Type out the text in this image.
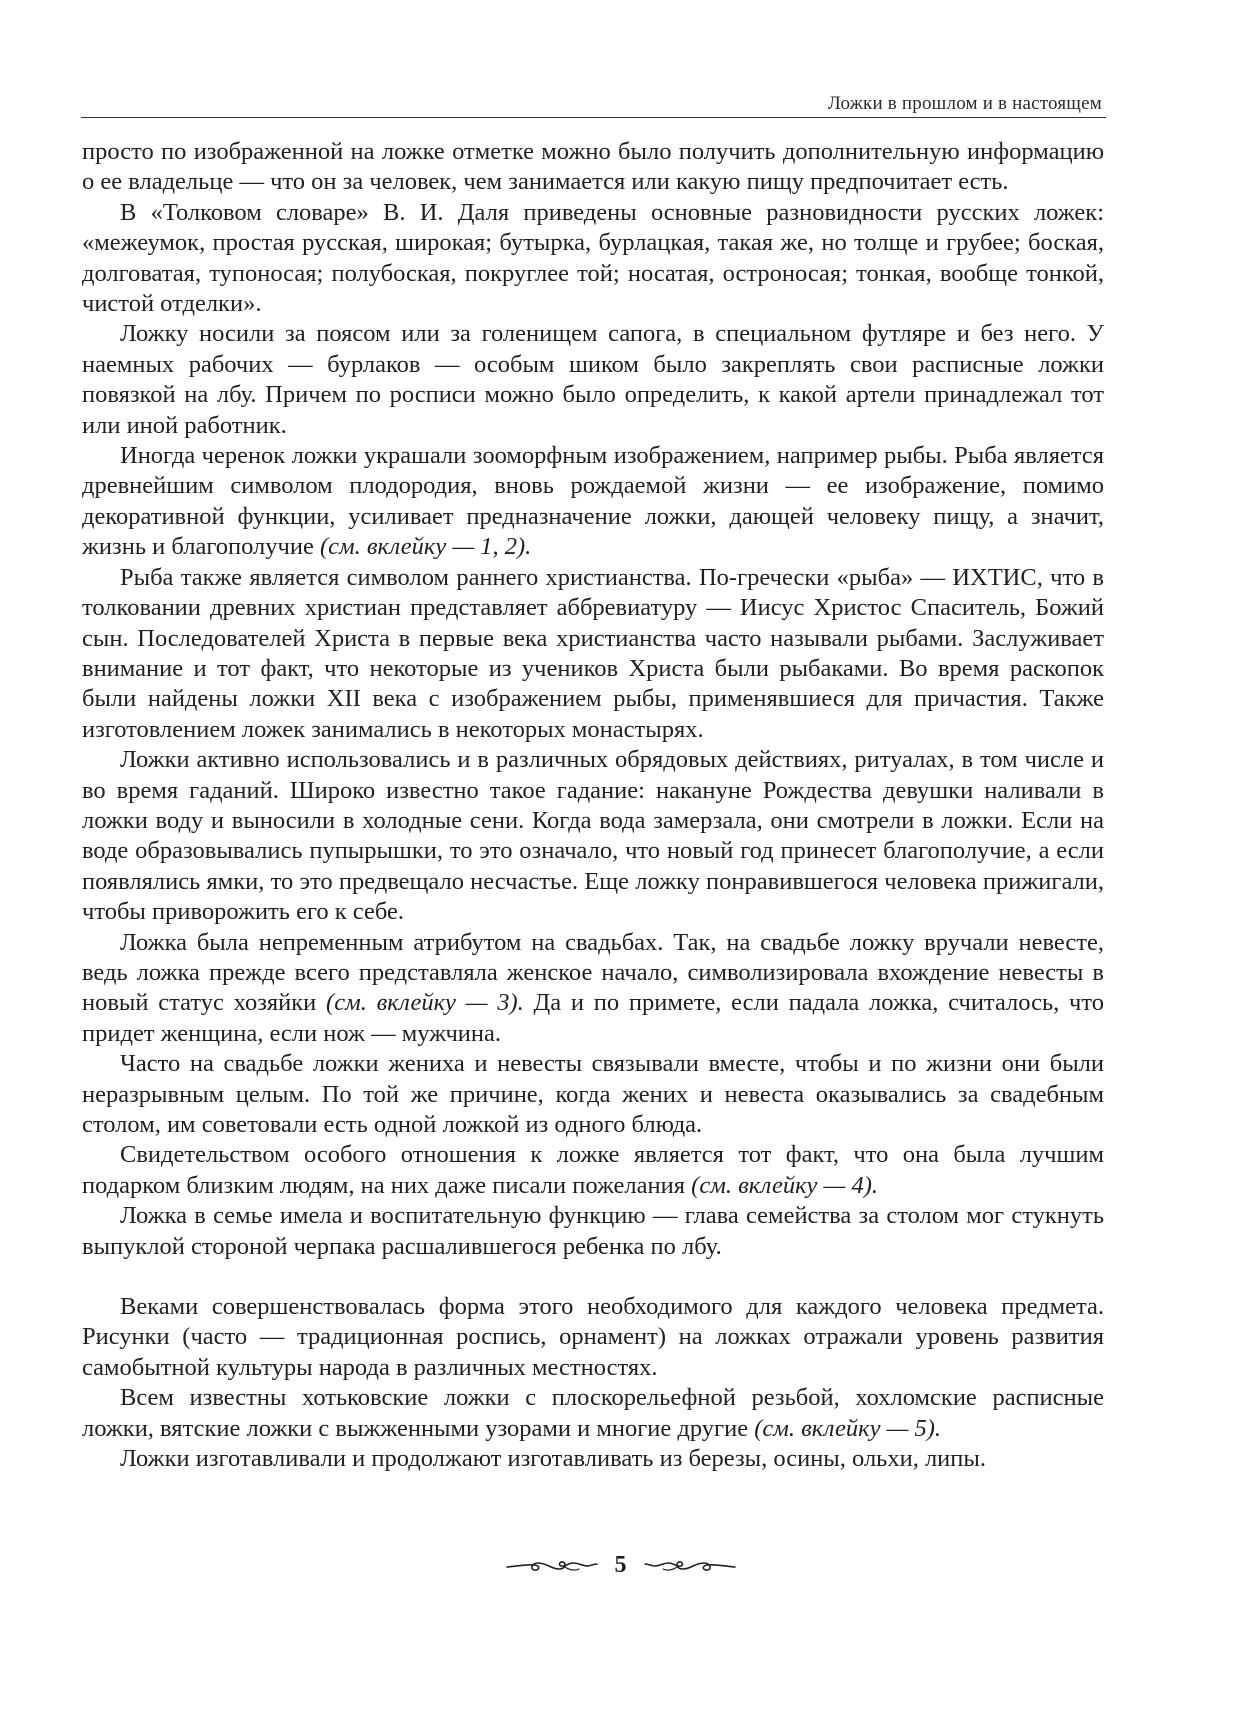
Ложки в прошлом и в настоящем

просто по изображенной на ложке отметке можно было получить дополнительную информацию о ее владельце — что он за человек, чем занимается или какую пищу предпочитает есть.

В «Толковом словаре» В. И. Даля приведены основные разновидности русских ложек: «межеумок, простая русская, широкая; бутырка, бурлацкая, такая же, но толще и грубее; боская, долговатая, тупоносая; полубоская, покруглее той; носатая, остроносая; тонкая, вообще тонкой, чистой отделки».

Ложку носили за поясом или за голенищем сапога, в специальном футляре и без него. У наемных рабочих — бурлаков — особым шиком было закреплять свои расписные ложки повязкой на лбу. Причем по росписи можно было определить, к какой артели принадлежал тот или иной работник.

Иногда черенок ложки украшали зооморфным изображением, например рыбы. Рыба является древнейшим символом плодородия, вновь рождаемой жизни — ее изображение, помимо декоративной функции, усиливает предназначение ложки, дающей человеку пищу, а значит, жизнь и благополучие (см. вклейку — 1, 2).

Рыба также является символом раннего христианства. По-гречески «рыба» — ИХТИС, что в толковании древних христиан представляет аббревиатуру — Иисус Христос Спаситель, Божий сын. Последователей Христа в первые века христианства часто называли рыбами. Заслуживает внимание и тот факт, что некоторые из учеников Христа были рыбаками. Во время раскопок были найдены ложки XII века с изображением рыбы, применявшиеся для причастия. Также изготовлением ложек занимались в некоторых монастырях.

Ложки активно использовались и в различных обрядовых действиях, ритуалах, в том числе и во время гаданий. Широко известно такое гадание: накануне Рождества девушки наливали в ложки воду и выносили в холодные сени. Когда вода замерзала, они смотрели в ложки. Если на воде образовывались пупырышки, то это означало, что новый год принесет благополучие, а если появлялись ямки, то это предвещало несчастье. Еще ложку понравившегося человека прижигали, чтобы приворожить его к себе.

Ложка была непременным атрибутом на свадьбах. Так, на свадьбе ложку вручали невесте, ведь ложка прежде всего представляла женское начало, символизировала вхождение невесты в новый статус хозяйки (см. вклейку — 3). Да и по примете, если падала ложка, считалось, что придет женщина, если нож — мужчина.

Часто на свадьбе ложки жениха и невесты связывали вместе, чтобы и по жизни они были неразрывным целым. По той же причине, когда жених и невеста оказывались за свадебным столом, им советовали есть одной ложкой из одного блюда.

Свидетельством особого отношения к ложке является тот факт, что она была лучшим подарком близким людям, на них даже писали пожелания (см. вклейку — 4).

Ложка в семье имела и воспитательную функцию — глава семейства за столом мог стукнуть выпуклой стороной черпака расшалившегося ребенка по лбу.

Веками совершенствовалась форма этого необходимого для каждого человека предмета. Рисунки (часто — традиционная роспись, орнамент) на ложках отражали уровень развития самобытной культуры народа в различных местностях.

Всем известны хотьковские ложки с плоскорельефной резьбой, хохломские расписные ложки, вятские ложки с выжженными узорами и многие другие (см. вклейку — 5).

Ложки изготавливали и продолжают изготавливать из березы, осины, ольхи, липы.

5
